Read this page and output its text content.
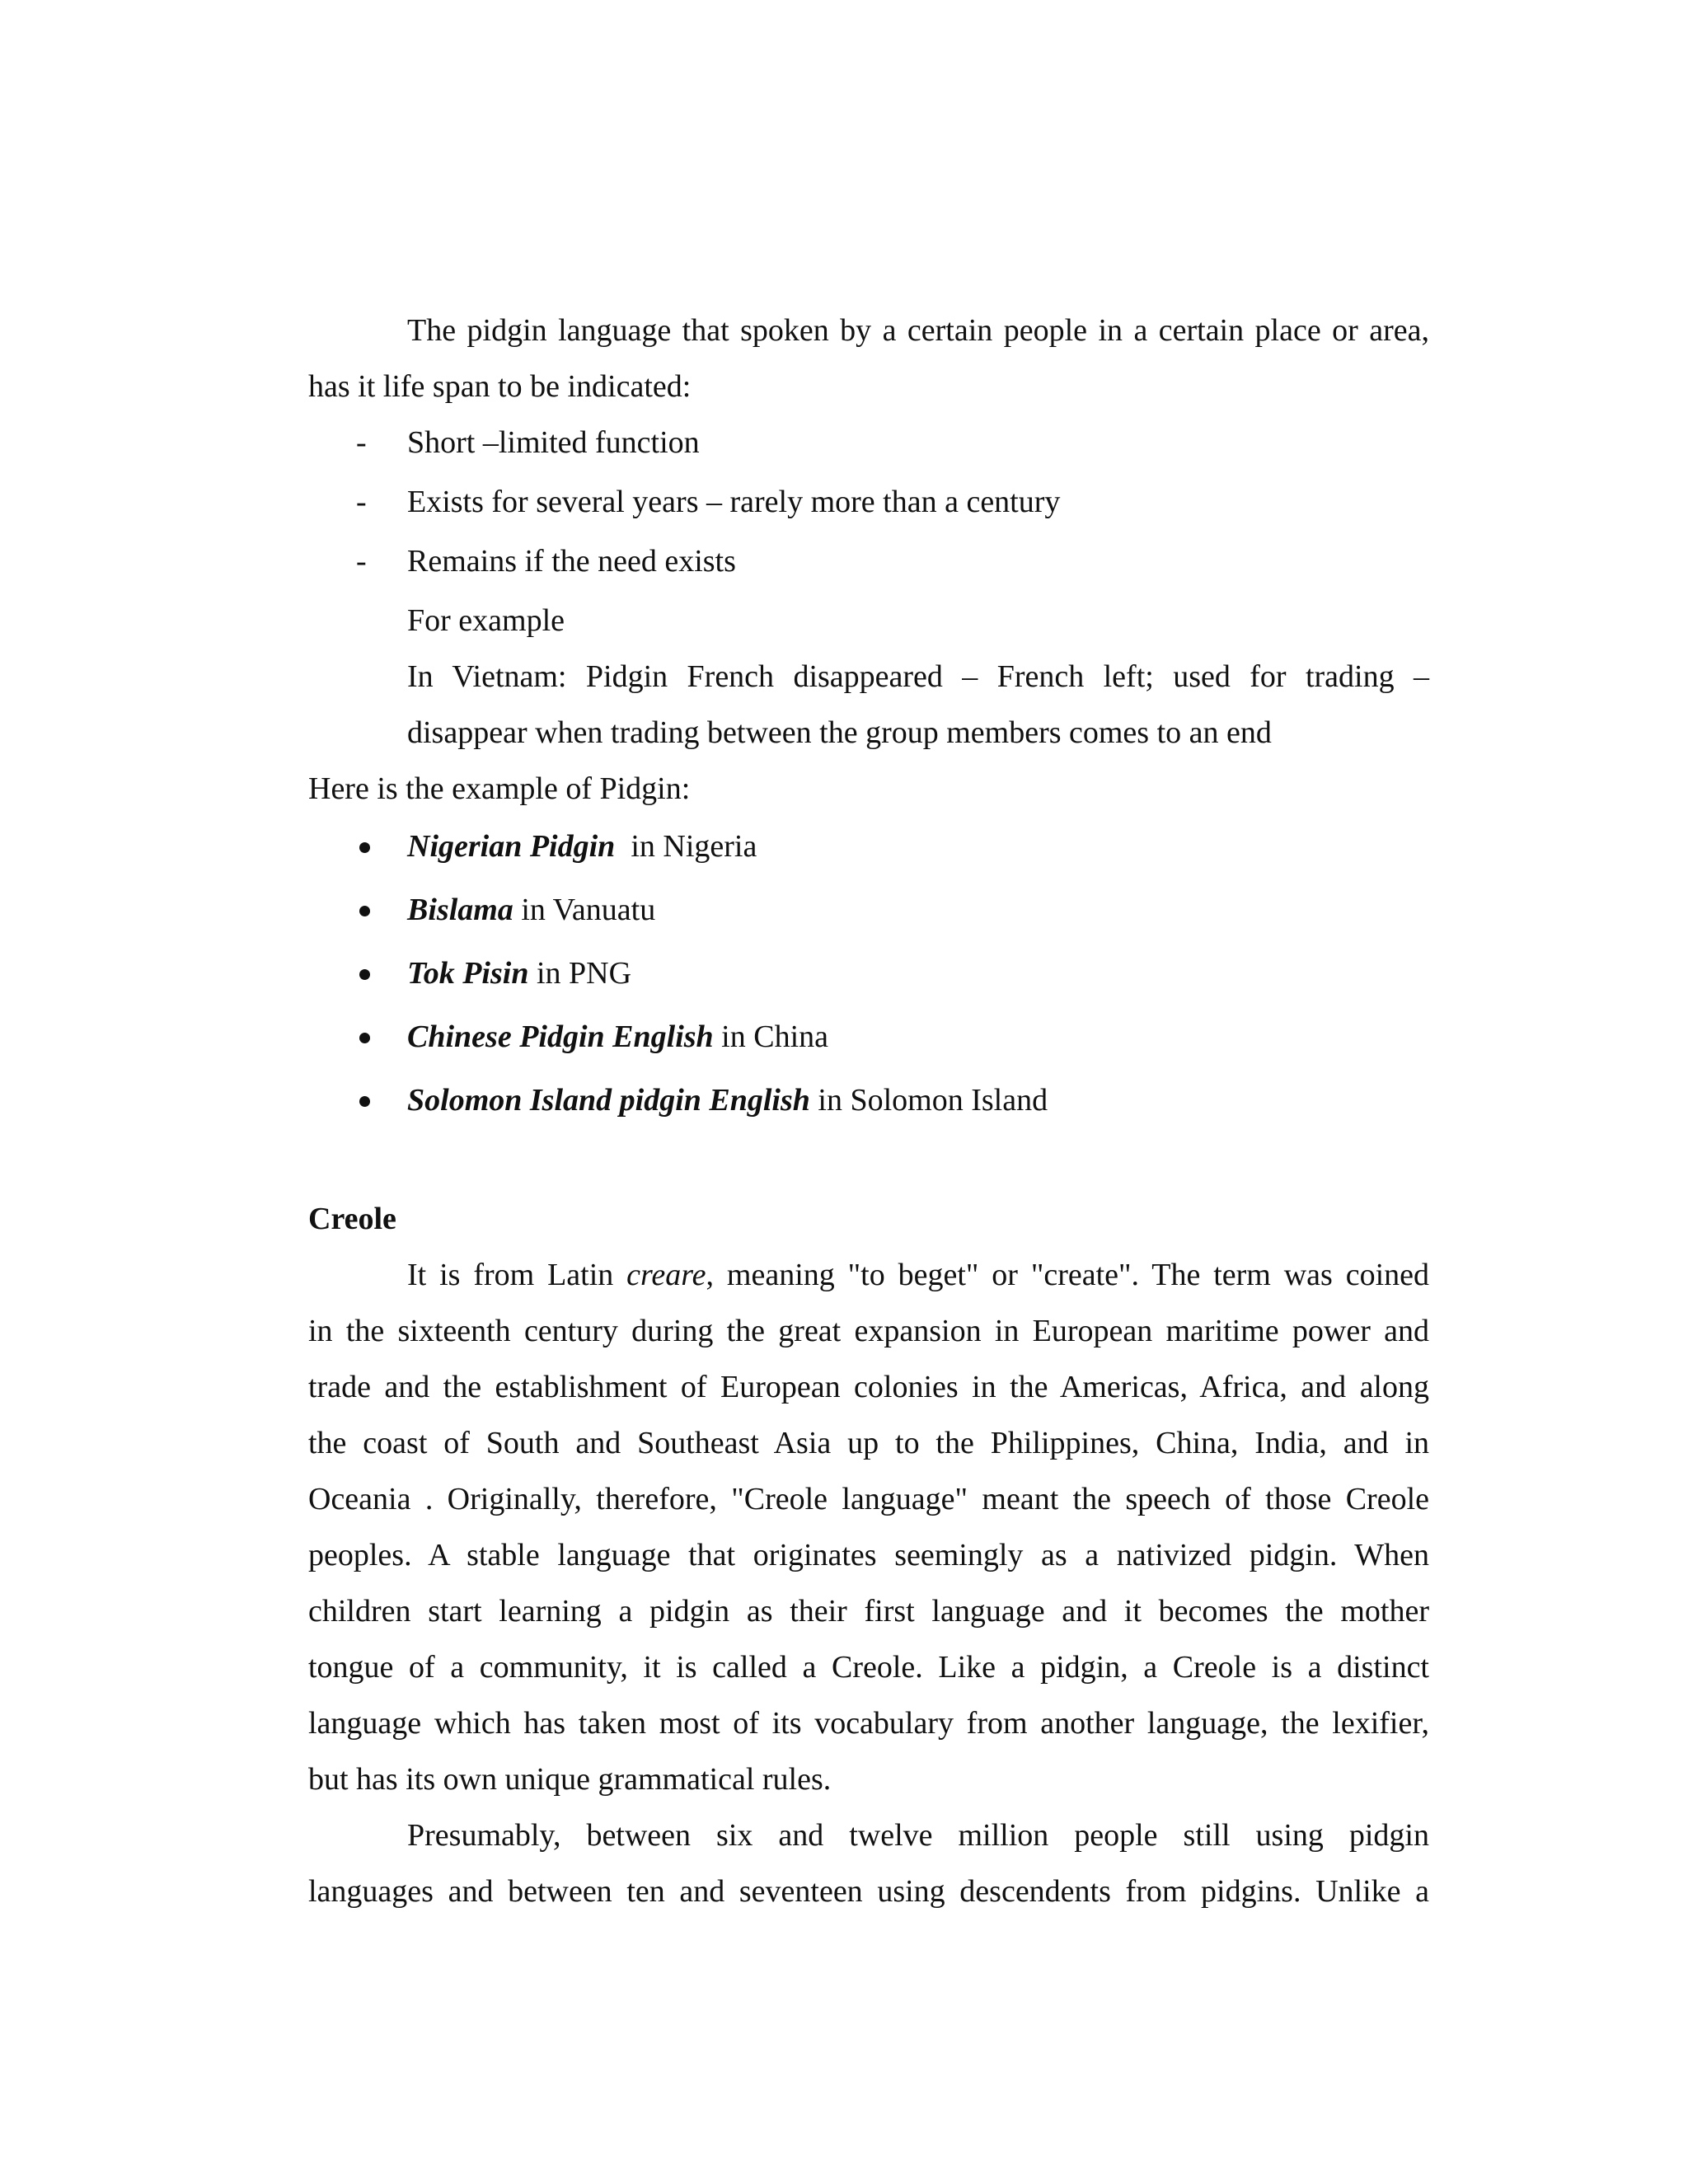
The pidgin language that spoken by a certain people in a certain place or area,
has it life span to be indicated:
- Short –limited function
- Exists for several years – rarely more than a century
- Remains if the need exists
For example
In Vietnam: Pidgin French disappeared – French left; used for trading –
disappear when trading between the group members comes to an end
Here is the example of Pidgin:
Nigerian Pidgin  in Nigeria
Bislama in Vanuatu
Tok Pisin in PNG
Chinese Pidgin English in China
Solomon Island pidgin English in Solomon Island
Creole
It is from Latin creare, meaning "to beget" or "create". The term was coined
in the sixteenth century during the great expansion in European maritime power and
trade and the establishment of European colonies in the Americas, Africa, and along
the coast of South and Southeast Asia up to the Philippines, China, India, and in
Oceania . Originally, therefore, "Creole language" meant the speech of those Creole
peoples. A stable language that originates seemingly as a nativized pidgin. When
children start learning a pidgin as their first language and it becomes the mother
tongue of a community, it is called a Creole. Like a pidgin, a Creole is a distinct
language which has taken most of its vocabulary from another language, the lexifier,
but has its own unique grammatical rules.
Presumably, between six and twelve million people still using pidgin
languages and between ten and seventeen using descendents from pidgins. Unlike a
